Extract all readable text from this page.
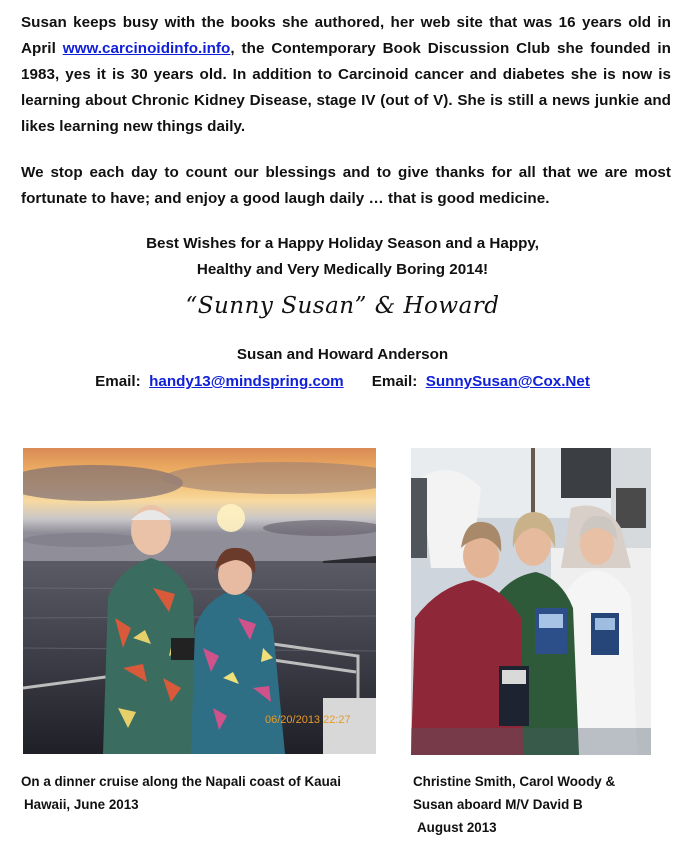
Susan keeps busy with the books she authored, her web site that was 16 years old in April www.carcinoidinfo.info, the Contemporary Book Discussion Club she founded in 1983, yes it is 30 years old. In addition to Carcinoid cancer and diabetes she is now is learning about Chronic Kidney Disease, stage IV (out of V). She is still a news junkie and likes learning new things daily.
We stop each day to count our blessings and to give thanks for all that we are most fortunate to have; and enjoy a good laugh daily … that is good medicine.
Best Wishes for a Happy Holiday Season and a Happy,
Healthy and Very Medically Boring 2014!
“Sunny Susan” & Howard
Susan and Howard Anderson
Email: handy13@mindspring.com Email: SunnySusan@Cox.Net
06/20/2013 22:27
On a dinner cruise along the Napali coast of Kauai
Hawaii, June 2013
Christine Smith, Carol Woody &
Susan aboard M/V David B
August 2013
